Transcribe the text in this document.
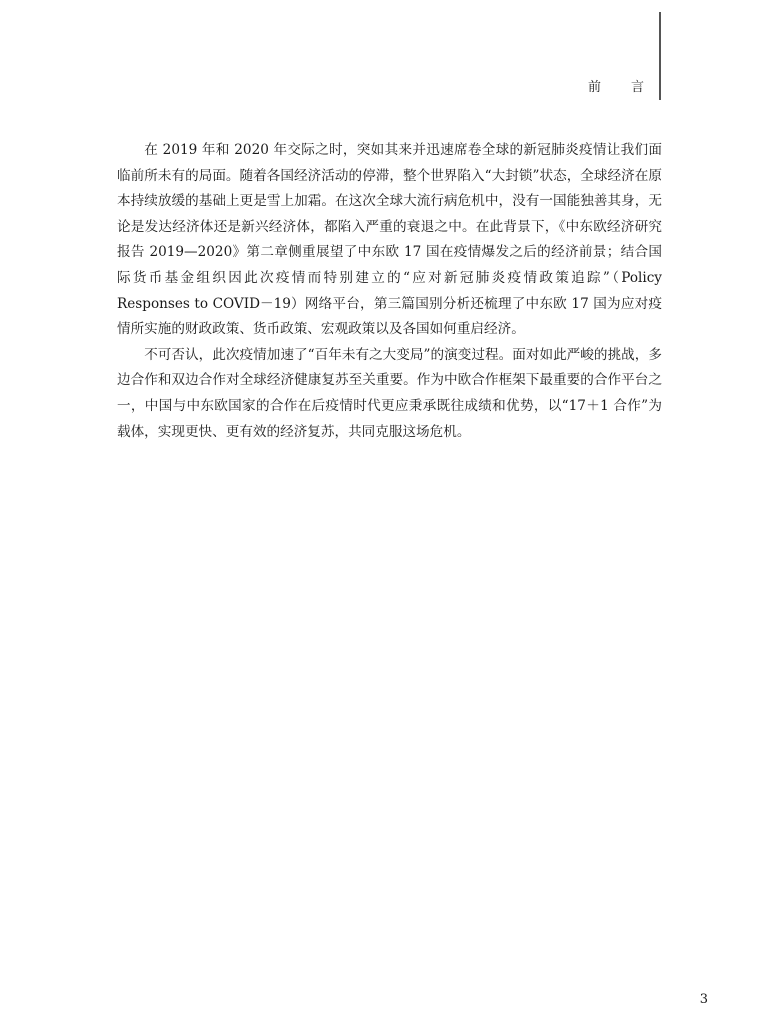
前 言

在 2019 年和 2020 年交际之时，突如其来并迅速席卷全球的新冠肺炎疫情让我们面临前所未有的局面。随着各国经济活动的停滞，整个世界陷入“大封锁”状态，全球经济在原本持续放缓的基础上更是雪上加霜。在这次全球大流行病危机中，没有一国能独善其身，无论是发达经济体还是新兴经济体，都陷入严重的衰退之中。在此背景下，《中东欧经济研究报告 2019—2020》第二章侧重展望了中东欧 17 国在疫情爆发之后的经济前景；结合国际货币基金组织因此次疫情而特别建立的“应对新冠肺炎疫情政策追踪”（Policy Responses to COVID－19）网络平台，第三篇国别分析还梳理了中东欧 17 国为应对疫情所实施的财政政策、货币政策、宏观政策以及各国如何重启经济。

不可否认，此次疫情加速了“百年未有之大变局”的演变过程。面对如此严峻的挑战，多边合作和双边合作对全球经济健康复苏至关重要。作为中欧合作框架下最重要的合作平台之一，中国与中东欧国家的合作在后疫情时代更应秉承既往成绩和优势，以“17＋1 合作”为载体，实现更快、更有效的经济复苏，共同克服这场危机。

3
